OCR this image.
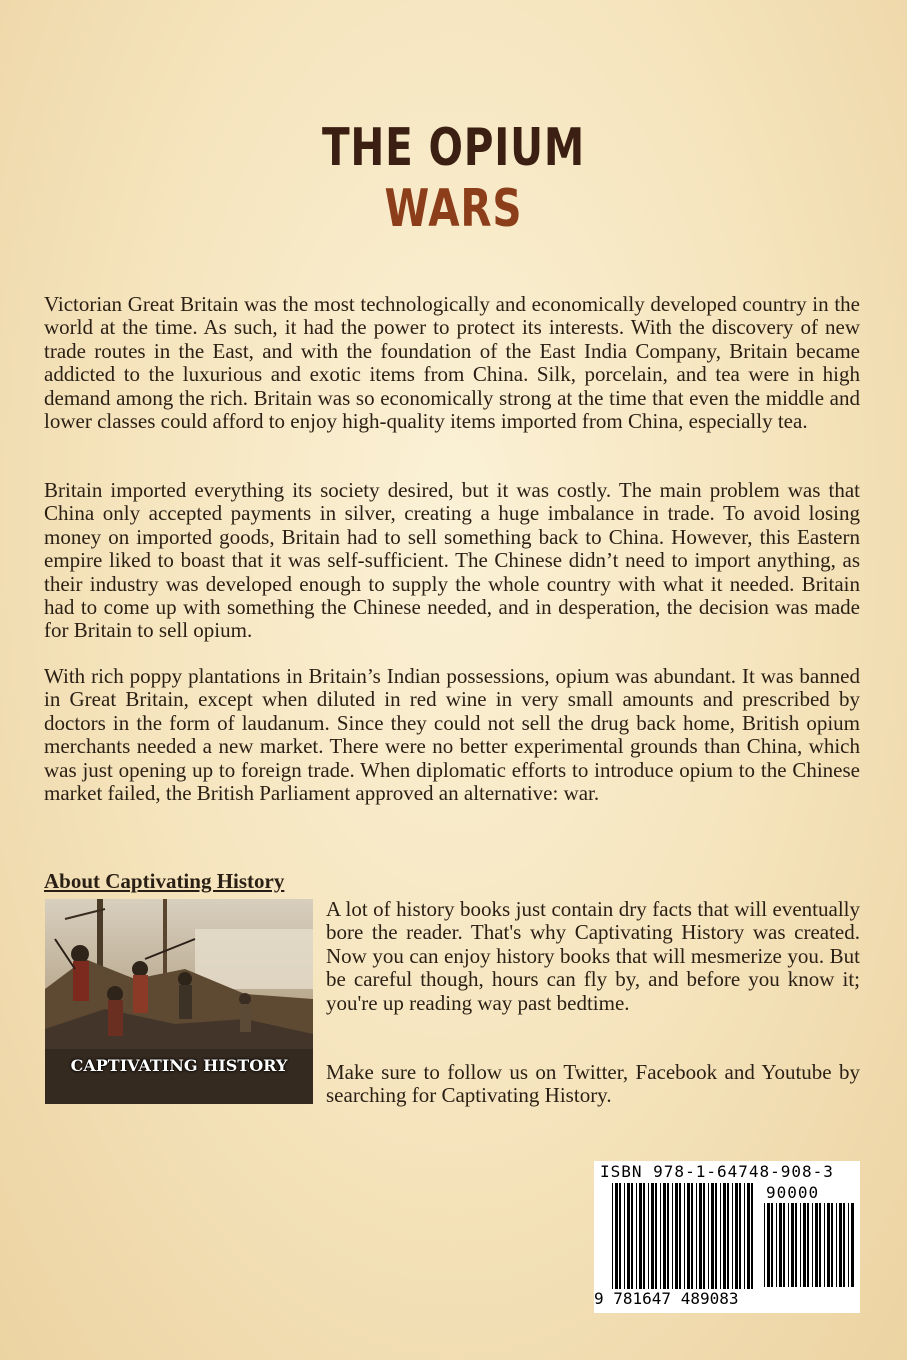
THE OPIUM
WARS

Victorian Great Britain was the most technologically and economically developed country in the world at the time. As such, it had the power to protect its interests. With the discovery of new trade routes in the East, and with the foundation of the East India Company, Britain became addicted to the luxurious and exotic items from China. Silk, porcelain, and tea were in high demand among the rich. Britain was so economically strong at the time that even the middle and lower classes could afford to enjoy high-quality items imported from China, especially tea.

Britain imported everything its society desired, but it was costly. The main problem was that China only accepted payments in silver, creating a huge imbalance in trade. To avoid losing money on imported goods, Britain had to sell something back to China. However, this Eastern empire liked to boast that it was self-sufficient. The Chinese didn’t need to import anything, as their industry was developed enough to supply the whole country with what it needed. Britain had to come up with something the Chinese needed, and in desperation, the decision was made for Britain to sell opium.

With rich poppy plantations in Britain’s Indian possessions, opium was abundant. It was banned in Great Britain, except when diluted in red wine in very small amounts and prescribed by doctors in the form of laudanum. Since they could not sell the drug back home, British opium merchants needed a new market. There were no better experimental grounds than China, which was just opening up to foreign trade. When diplomatic efforts to introduce opium to the Chinese market failed, the British Parliament approved an alternative: war.

About Captivating History
CAPTIVATING HISTORY

A lot of history books just contain dry facts that will eventually bore the reader. That's why Captivating History was created. Now you can enjoy history books that will mesmerize you. But be careful though, hours can fly by, and before you know it; you're up reading way past bedtime.

Make sure to follow us on Twitter, Facebook and Youtube by searching for Captivating History.

ISBN 978-1-64748-908-3
90000
9 781647 489083
